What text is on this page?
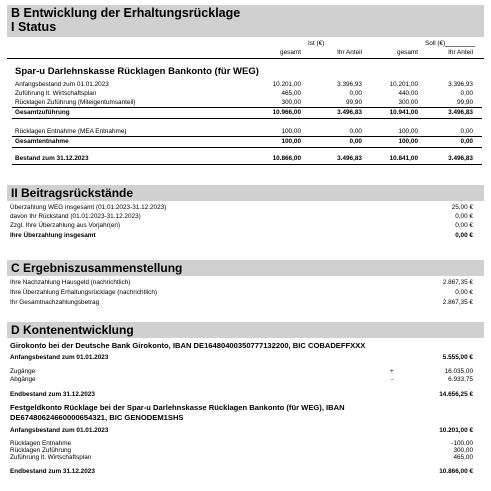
B Entwicklung der Erhaltungsrücklage
I Status
Ist (€)	Soll (€)
gesamt	Ihr Anteil	gesamt	Ihr Anteil
Spar-u Darlehnskasse Rücklagen Bankonto (für WEG)
Anfangsbestand zum 01.01.2023	10.201,00	3.396,93	10.201,00	3.396,93
Zuführung lt. Wirtschaftsplan	465,00	0,00	440,00	0,00
Rücklagen Zuführung (Miteigentumsanteil)	300,00	99,90	300,00	99,90
Gesamtzuführung	10.966,00	3.496,83	10.941,00	3.496,83
Rücklagen Entnahme (MEA Entnahme)	100,00	0,00	100,00	0,00
Gesamtentnahme	100,00	0,00	100,00	0,00
Bestand zum 31.12.2023	10.866,00	3.496,83	10.841,00	3.496,83
II Beitragsrückstände
Überzahlung WEG insgesamt (01.01.2023-31.12.2023)	25,00 €
davon Ihr Rückstand (01.01.2023-31.12.2023)	0,00 €
Zzgl. Ihre Überzahlung aus Vorjahr(en)	0,00 €
Ihre Überzahlung insgesamt	0,00 €
C Ergebniszusammenstellung
Ihre Nachzahlung Hausgeld (nachrichtlich)	2.867,35 €
Ihre Überzahlung Erhaltungsrücklage (nachrichtlich)	0,00 €
Ihr Gesamtnachzahlungsbetrag	2.867,35 €
D Kontenentwicklung
Girokonto bei der Deutsche Bank Girokonto, IBAN DE16480400350777132200, BIC COBADEFFXXX
Anfangsbestand zum 01.01.2023	5.555,00 €
Zugänge	+	16.035,00
Abgänge	-	6.933,75
Endbestand zum 31.12.2023	14.656,25 €
Festgeldkonto Rücklage bei der Spar-u Darlehnskasse Rücklagen Bankonto (für WEG), IBAN
DE67480624660000654321, BIC GENODEM1SHS
Anfangsbestand zum 01.01.2023	10.201,00 €
Rücklagen Entnahme	-100,00
Rücklagen Zuführung	300,00
Zuführung lt. Wirtschaftsplan	465,00
Endbestand zum 31.12.2023	10.866,00 €
